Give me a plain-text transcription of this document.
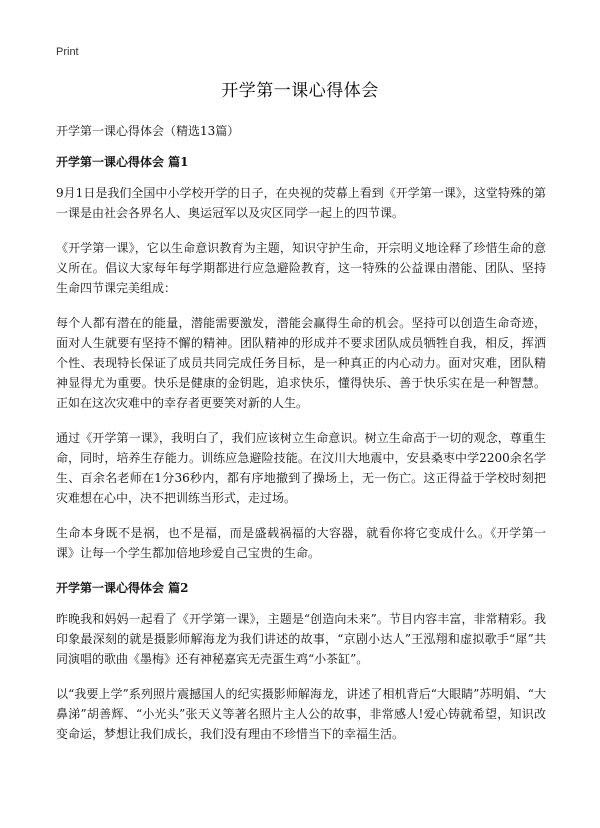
Print
开学第一课心得体会

开学第一课心得体会（精选13篇）

开学第一课心得体会 篇1

9月1日是我们全国中小学校开学的日子，在央视的荧幕上看到《开学第一课》，这堂特殊的第一课是由社会各界名人、奥运冠军以及灾区同学一起上的四节课。

《开学第一课》，它以生命意识教育为主题，知识守护生命，开宗明义地诠释了珍惜生命的意义所在。倡议大家每年每学期都进行应急避险教育，这一特殊的公益课由潜能、团队、坚持生命四节课完美组成：

每个人都有潜在的能量，潜能需要激发，潜能会赢得生命的机会。坚持可以创造生命奇迹，面对人生就要有坚持不懈的精神。团队精神的形成并不要求团队成员牺牲自我，相反，挥洒个性、表现特长保证了成员共同完成任务目标，是一种真正的内心动力。面对灾难，团队精神显得尤为重要。快乐是健康的金钥匙，追求快乐，懂得快乐、善于快乐实在是一种智慧。正如在这次灾难中的幸存者更要笑对新的人生。

通过《开学第一课》，我明白了，我们应该树立生命意识。树立生命高于一切的观念，尊重生命，同时，培养生存能力。训练应急避险技能。在汶川大地震中，安县桑枣中学2200余名学生、百余名老师在1分36秒内，都有序地撤到了操场上，无一伤亡。这正得益于学校时刻把灾难想在心中，决不把训练当形式，走过场。

生命本身既不是祸，也不是福，而是盛载祸福的大容器，就看你将它变成什么。《开学第一课》让每一个学生都加倍地珍爱自己宝贵的生命。

开学第一课心得体会 篇2

昨晚我和妈妈一起看了《开学第一课》，主题是“创造向未来”。节目内容丰富，非常精彩。我印象最深刻的就是摄影师解海龙为我们讲述的故事，“京剧小达人”王泓翔和虚拟歌手“犀”共同演唱的歌曲《墨梅》还有神秘嘉宾无壳蛋生鸡“小茶缸”。

以“我要上学”系列照片震撼国人的纪实摄影师解海龙，讲述了相机背后“大眼睛”苏明娟、“大鼻涕”胡善辉、“小光头”张天义等著名照片主人公的故事，非常感人!爱心铸就希望，知识改变命运，梦想让我们成长，我们没有理由不珍惜当下的幸福生活。
